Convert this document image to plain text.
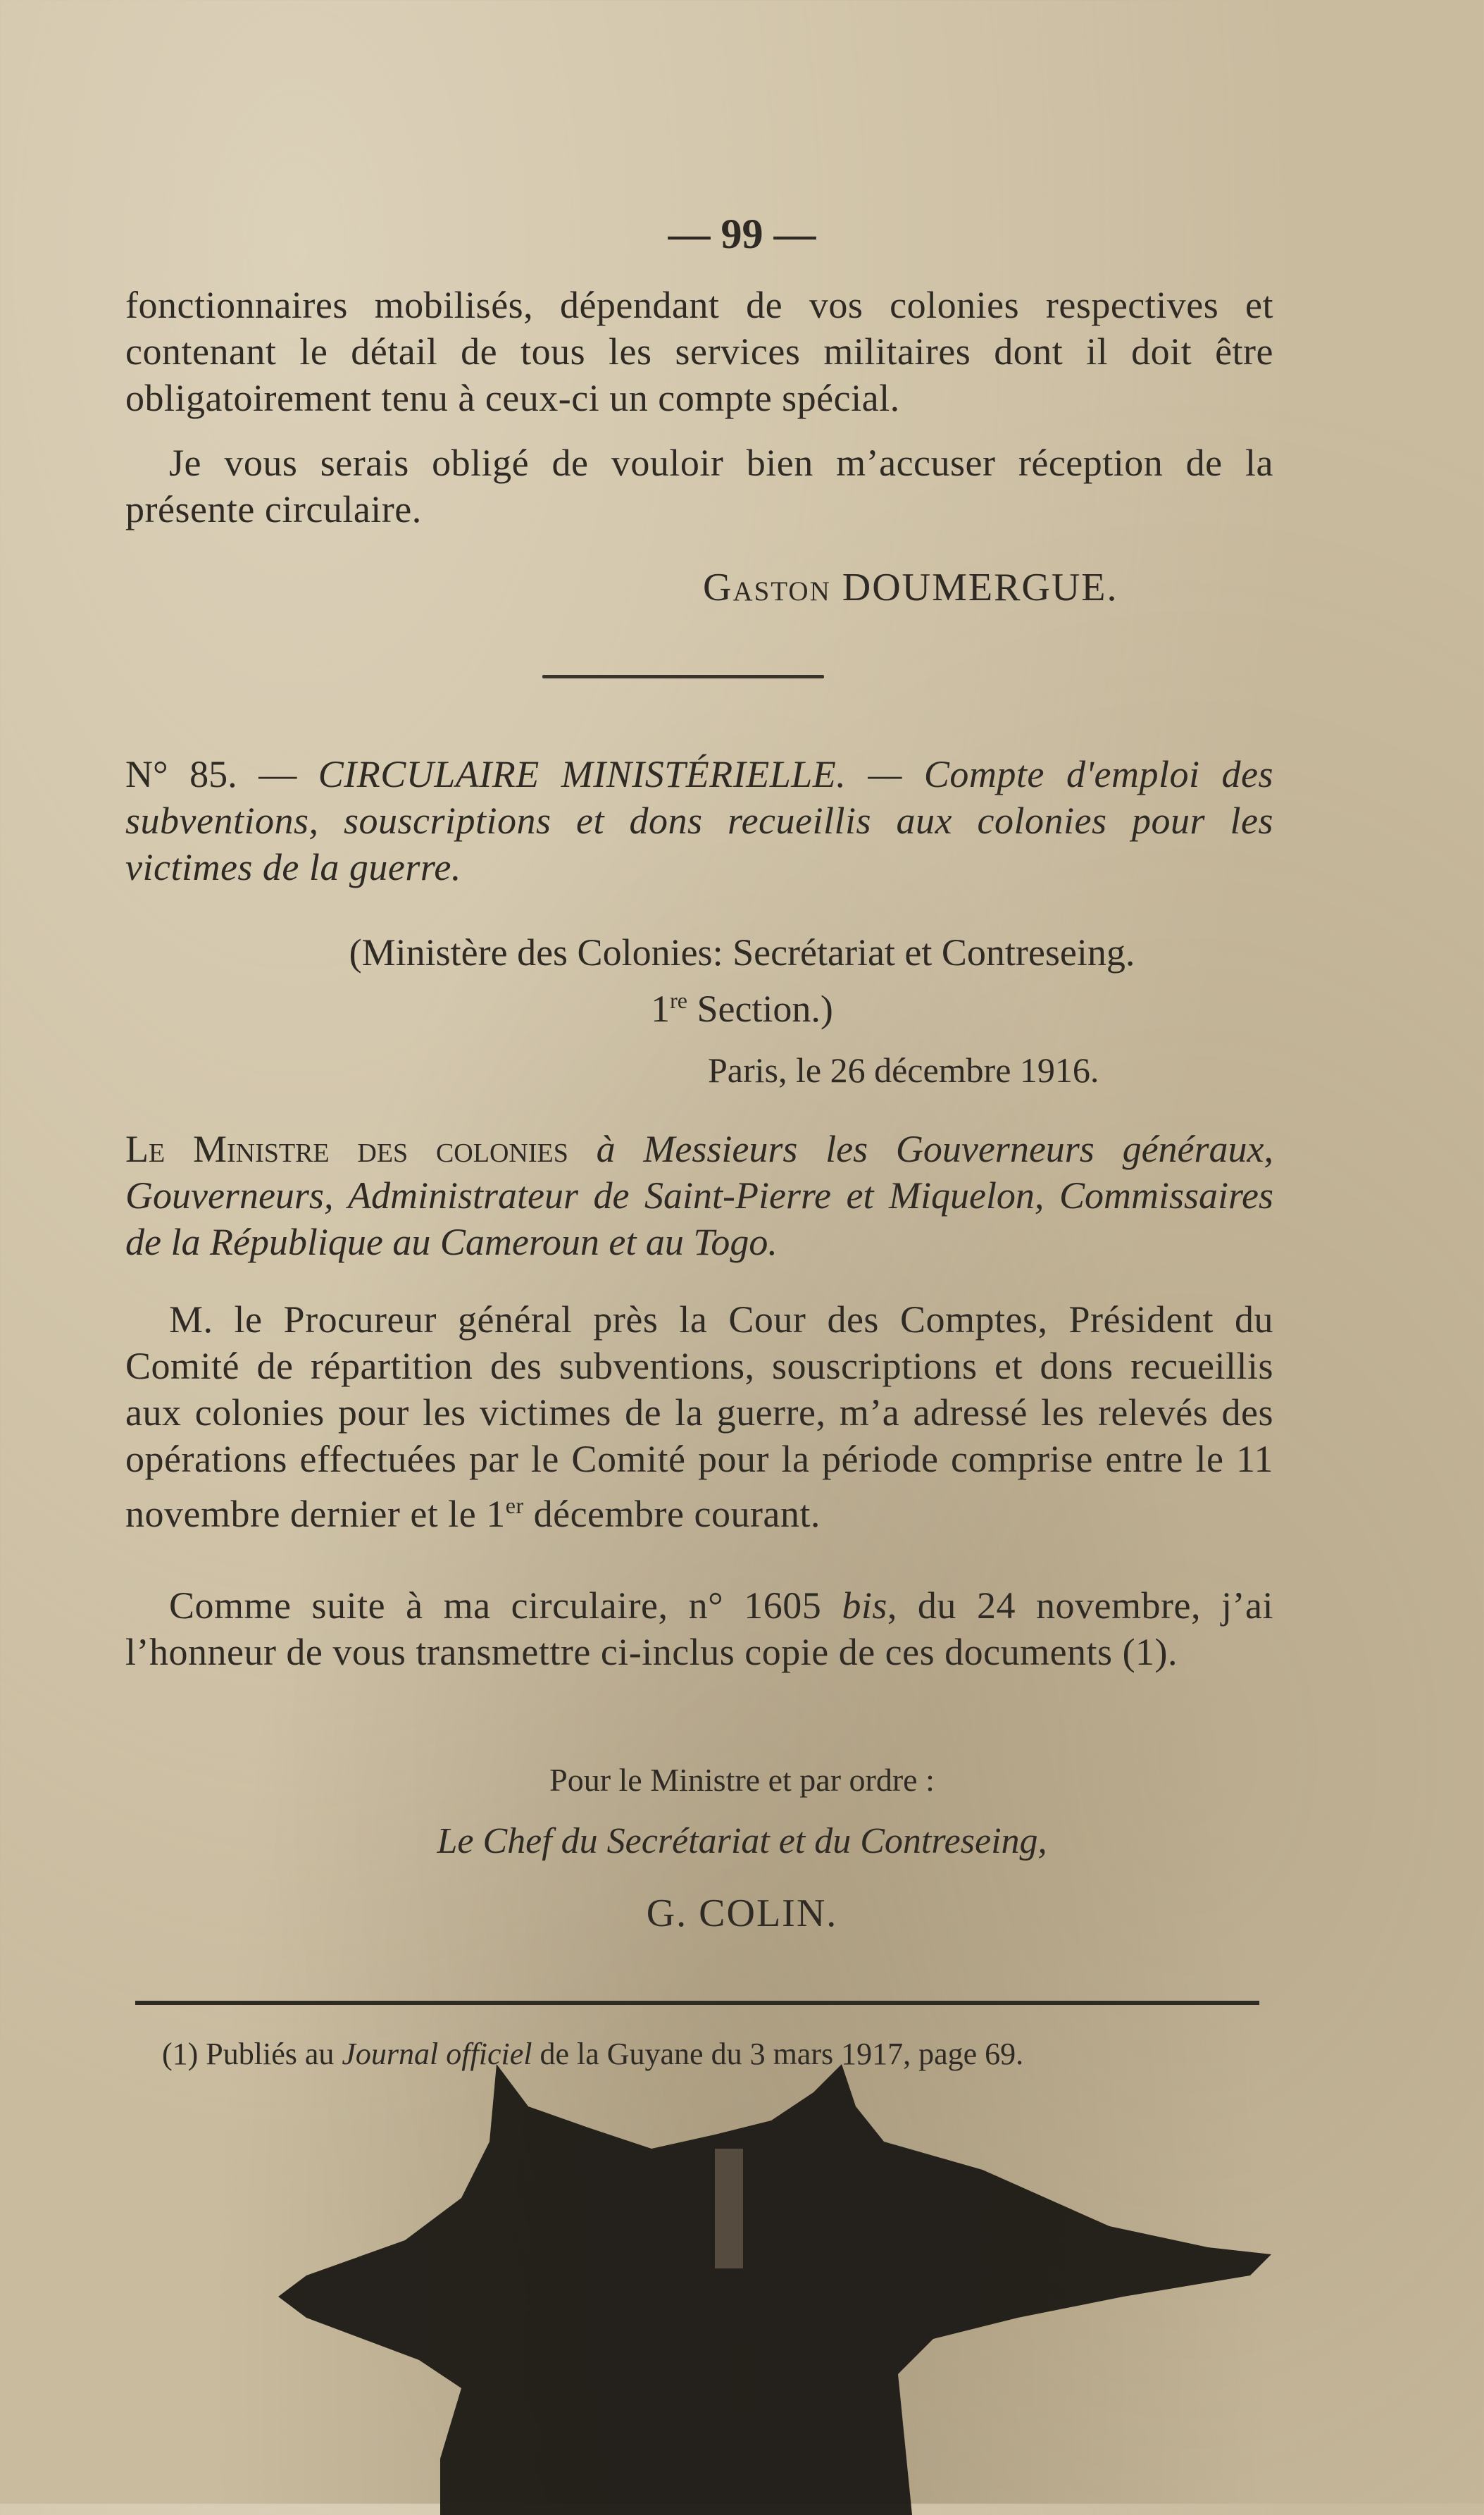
— 99 —

fonctionnaires mobilisés, dépendant de vos colonies respectives et contenant le détail de tous les services militaires dont il doit être obligatoirement tenu à ceux-ci un compte spécial.

Je vous serais obligé de vouloir bien m’accuser réception de la présente circulaire.

Gaston DOUMERGUE.
N° 85. — CIRCULAIRE MINISTÉRIELLE. — Compte d'emploi des subventions, souscriptions et dons recueillis aux colonies pour les victimes de la guerre.
(Ministère des Colonies: Secrétariat et Contreseing.
1re Section.)
Paris, le 26 décembre 1916.
Le Ministre des colonies à Messieurs les Gouverneurs généraux, Gouverneurs, Administrateur de Saint-Pierre et Miquelon, Commissaires de la République au Cameroun et au Togo.

M. le Procureur général près la Cour des Comptes, Président du Comité de répartition des subventions, souscriptions et dons recueillis aux colonies pour les victimes de la guerre, m’a adressé les relevés des opérations effectuées par le Comité pour la période comprise entre le 11 novembre dernier et le 1er décembre courant.

Comme suite à ma circulaire, n° 1605 bis, du 24 novembre, j’ai l’honneur de vous transmettre ci-inclus copie de ces documents (1).

Pour le Ministre et par ordre :
Le Chef du Secrétariat et du Contreseing,
G. COLIN.
(1) Publiés au Journal officiel de la Guyane du 3 mars 1917, page 69.
